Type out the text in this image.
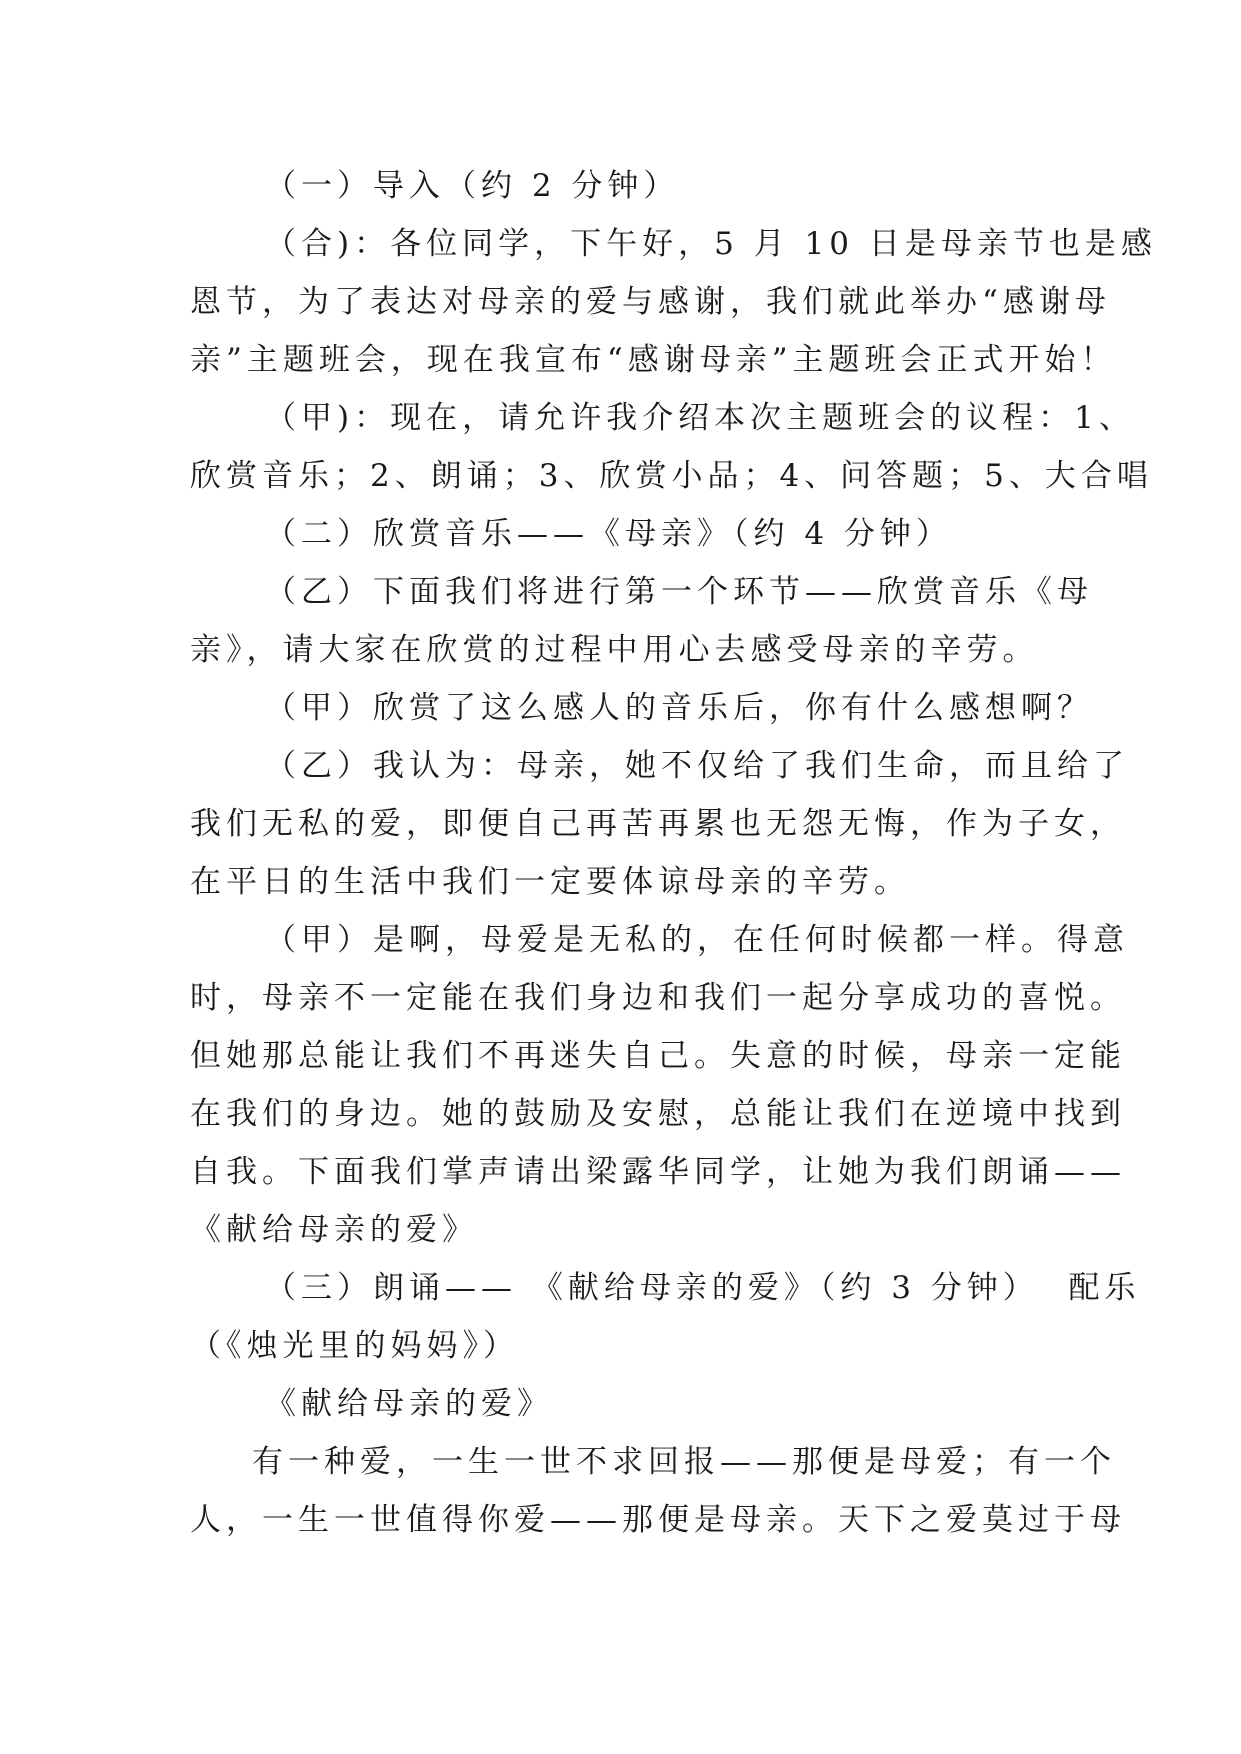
（一）导入（约 2 分钟）
（合)：各位同学，下午好，5 月 10 日是母亲节也是感
恩节，为了表达对母亲的爱与感谢，我们就此举办“感谢母
亲”主题班会，现在我宣布“感谢母亲”主题班会正式开始！
（甲)：现在，请允许我介绍本次主题班会的议程：1、
欣赏音乐；2、朗诵；3、欣赏小品；4、问答题；5、大合唱
（二）欣赏音乐——《母亲》（约 4 分钟）
（乙）下面我们将进行第一个环节——欣赏音乐《母
亲》，请大家在欣赏的过程中用心去感受母亲的辛劳。
（甲）欣赏了这么感人的音乐后，你有什么感想啊？
（乙）我认为：母亲，她不仅给了我们生命，而且给了
我们无私的爱，即便自己再苦再累也无怨无悔，作为子女，
在平日的生活中我们一定要体谅母亲的辛劳。
（甲）是啊，母爱是无私的，在任何时候都一样。得意
时，母亲不一定能在我们身边和我们一起分享成功的喜悦。
但她那总能让我们不再迷失自己。失意的时候，母亲一定能
在我们的身边。她的鼓励及安慰，总能让我们在逆境中找到
自我。下面我们掌声请出梁露华同学，让她为我们朗诵——
《献给母亲的爱》
（三）朗诵—— 《献给母亲的爱》（约 3 分钟）  配乐
（《烛光里的妈妈》）
《献给母亲的爱》
有一种爱，一生一世不求回报——那便是母爱；有一个
人，一生一世值得你爱——那便是母亲。天下之爱莫过于母
